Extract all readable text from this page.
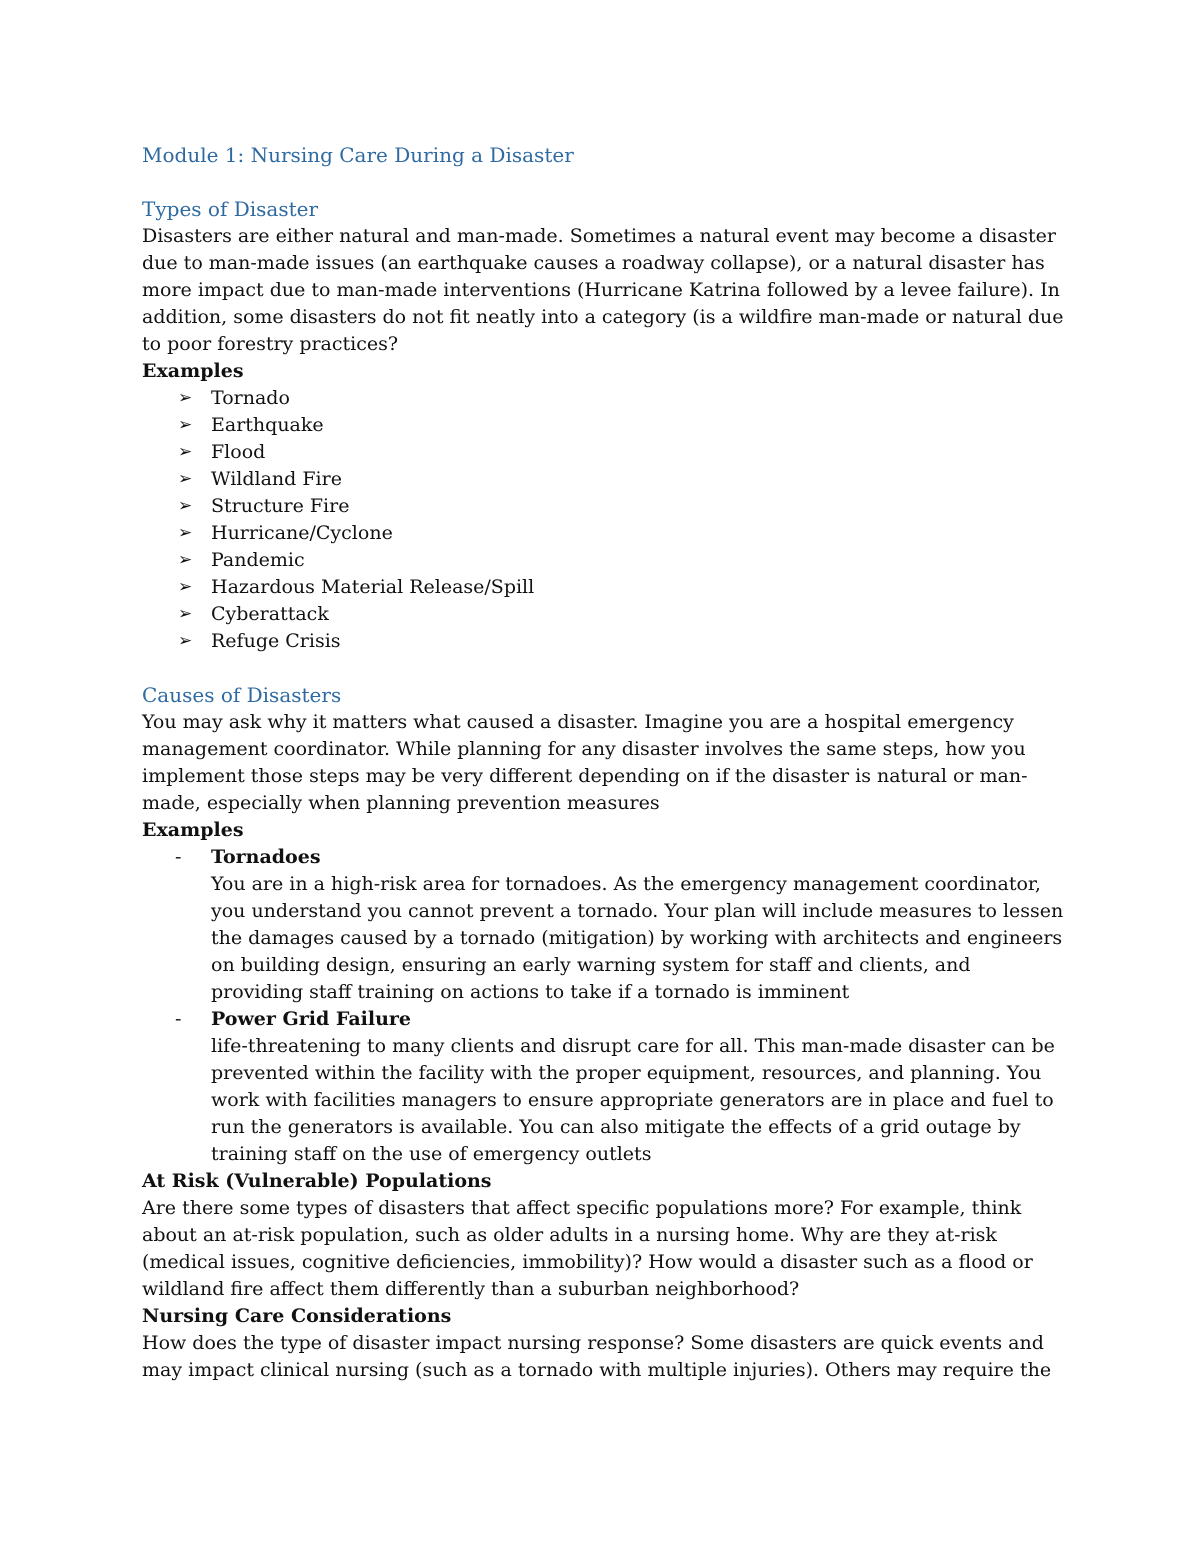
Module 1: Nursing Care During a Disaster
Types of Disaster

Disasters are either natural and man-made. Sometimes a natural event may become a disaster due to man-made issues (an earthquake causes a roadway collapse), or a natural disaster has more impact due to man-made interventions (Hurricane Katrina followed by a levee failure). In addition, some disasters do not fit neatly into a category (is a wildfire man-made or natural due to poor forestry practices?

Examples
➢ Tornado
➢ Earthquake
➢ Flood
➢ Wildland Fire
➢ Structure Fire
➢ Hurricane/Cyclone
➢ Pandemic
➢ Hazardous Material Release/Spill
➢ Cyberattack
➢ Refuge Crisis
Causes of Disasters

You may ask why it matters what caused a disaster. Imagine you are a hospital emergency management coordinator. While planning for any disaster involves the same steps, how you implement those steps may be very different depending on if the disaster is natural or man-made, especially when planning prevention measures

Examples
- Tornadoes
You are in a high-risk area for tornadoes. As the emergency management coordinator, you understand you cannot prevent a tornado. Your plan will include measures to lessen the damages caused by a tornado (mitigation) by working with architects and engineers on building design, ensuring an early warning system for staff and clients, and providing staff training on actions to take if a tornado is imminent
- Power Grid Failure
life-threatening to many clients and disrupt care for all. This man-made disaster can be prevented within the facility with the proper equipment, resources, and planning. You work with facilities managers to ensure appropriate generators are in place and fuel to run the generators is available. You can also mitigate the effects of a grid outage by training staff on the use of emergency outlets
At Risk (Vulnerable) Populations

Are there some types of disasters that affect specific populations more? For example, think about an at-risk population, such as older adults in a nursing home. Why are they at-risk (medical issues, cognitive deficiencies, immobility)? How would a disaster such as a flood or wildland fire affect them differently than a suburban neighborhood?

Nursing Care Considerations

How does the type of disaster impact nursing response? Some disasters are quick events and may impact clinical nursing (such as a tornado with multiple injuries). Others may require the
